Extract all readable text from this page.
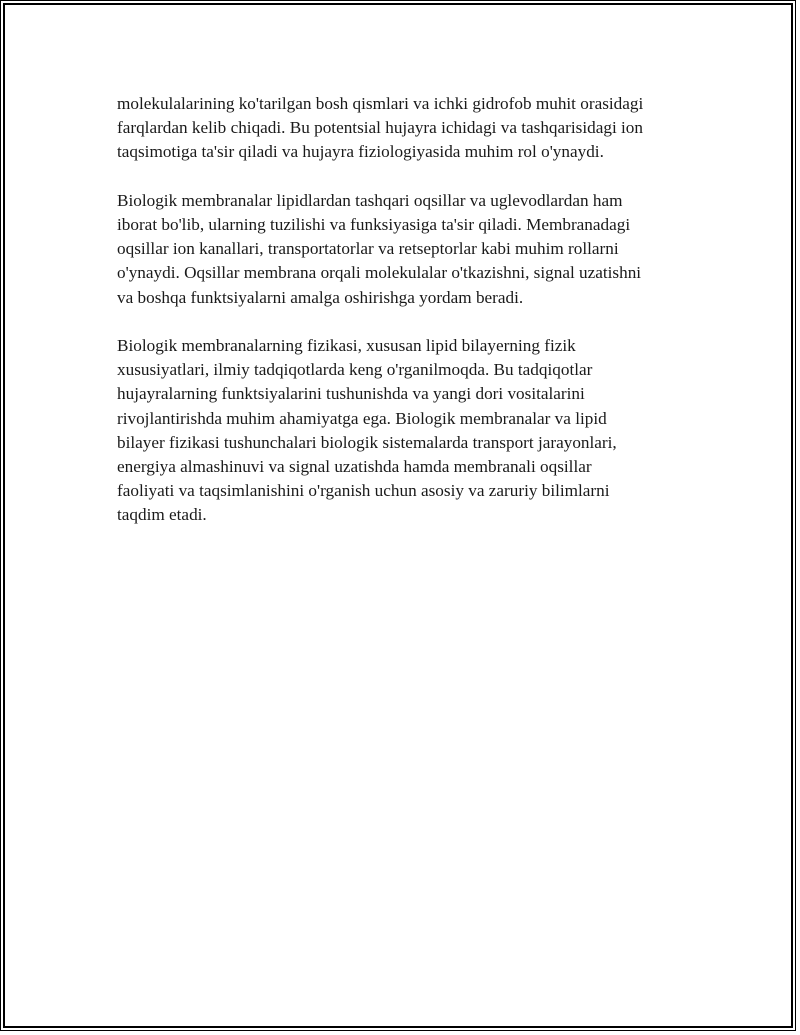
molekulalarining ko'tarilgan bosh qismlari va ichki gidrofob muhit orasidagi
farqlardan kelib chiqadi. Bu potentsial hujayra ichidagi va tashqarisidagi ion
taqsimotiga ta'sir qiladi va hujayra fiziologiyasida muhim rol o'ynaydi.

Biologik membranalar lipidlardan tashqari oqsillar va uglevodlardan ham
iborat bo'lib, ularning tuzilishi va funksiyasiga ta'sir qiladi. Membranadagi
oqsillar ion kanallari, transportatorlar va retseptorlar kabi muhim rollarni
o'ynaydi. Oqsillar membrana orqali molekulalar o'tkazishni, signal uzatishni
va boshqa funktsiyalarni amalga oshirishga yordam beradi.

Biologik membranalarning fizikasi, xususan lipid bilayerning fizik
xususiyatlari, ilmiy tadqiqotlarda keng o'rganilmoqda. Bu tadqiqotlar
hujayralarning funktsiyalarini tushunishda va yangi dori vositalarini
rivojlantirishda muhim ahamiyatga ega. Biologik membranalar va lipid
bilayer fizikasi tushunchalari biologik sistemalarda transport jarayonlari,
energiya almashinuvi va signal uzatishda hamda membranali oqsillar
faoliyati va taqsimlanishini o'rganish uchun asosiy va zaruriy bilimlarni
taqdim etadi.
